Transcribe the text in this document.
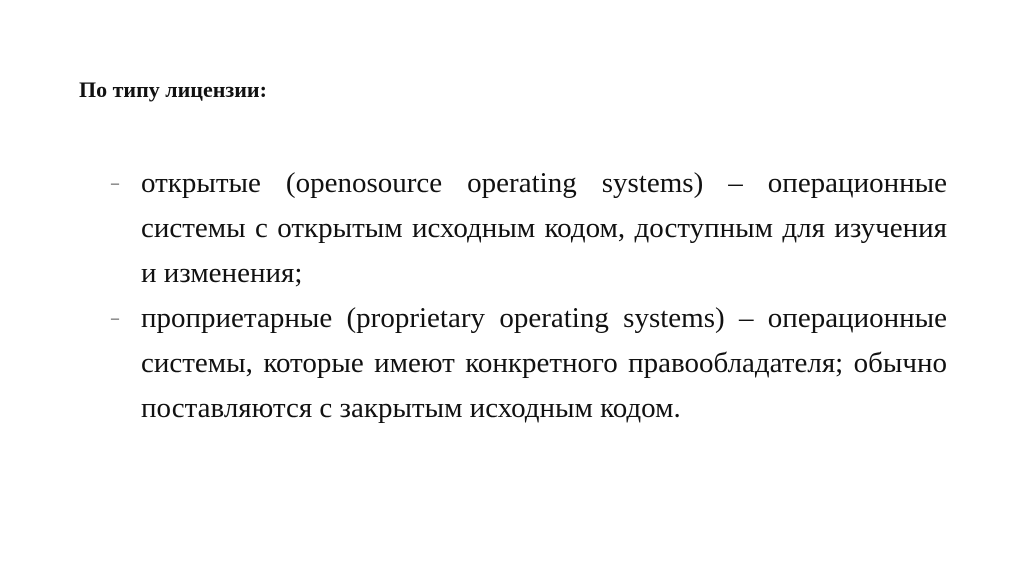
По типу лицензии:
– открытые (openosource operating systems) – операционные системы с открытым исходным кодом, доступным для изучения и изменения;
– проприетарные (proprietary operating systems) – операционные системы, которые имеют конкретного правообладателя; обычно поставляются с закрытым исходным кодом.
